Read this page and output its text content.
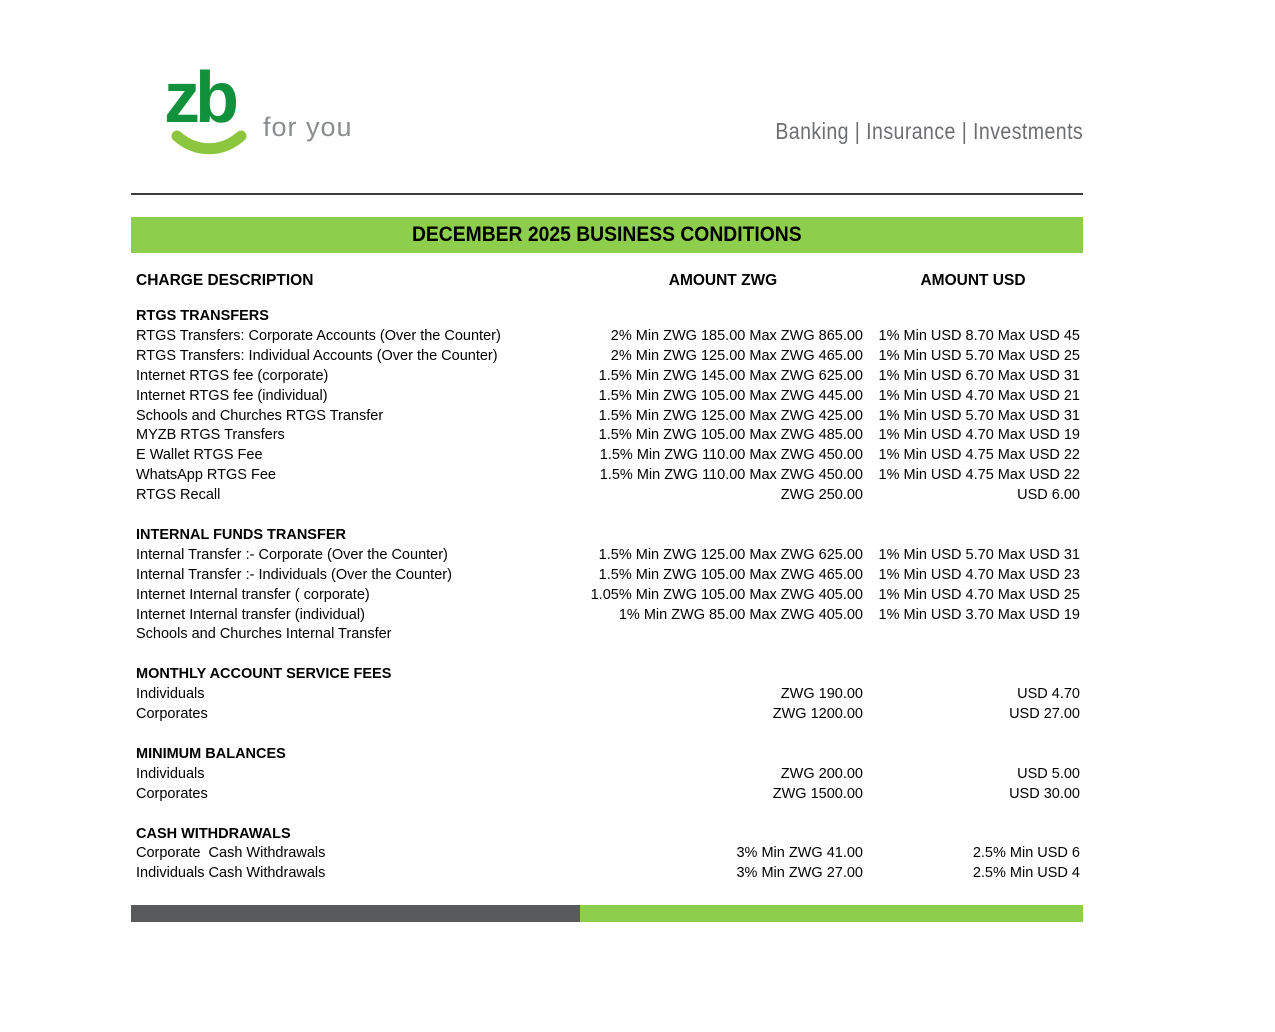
zb	for you	Banking | Insurance | Investments
DECEMBER 2025 BUSINESS CONDITIONS
CHARGE DESCRIPTION	AMOUNT ZWG	AMOUNT USD
RTGS TRANSFERS
RTGS Transfers: Corporate Accounts (Over the Counter)	2% Min ZWG 185.00 Max ZWG 865.00	1% Min USD 8.70 Max USD 45
RTGS Transfers: Individual Accounts (Over the Counter)	2% Min ZWG 125.00 Max ZWG 465.00	1% Min USD 5.70 Max USD 25
Internet RTGS fee (corporate)	1.5% Min ZWG 145.00 Max ZWG 625.00	1% Min USD 6.70 Max USD 31
Internet RTGS fee (individual)	1.5% Min ZWG 105.00 Max ZWG 445.00	1% Min USD 4.70 Max USD 21
Schools and Churches RTGS Transfer	1.5% Min ZWG 125.00 Max ZWG 425.00	1% Min USD 5.70 Max USD 31
MYZB RTGS Transfers	1.5% Min ZWG 105.00 Max ZWG 485.00	1% Min USD 4.70 Max USD 19
E Wallet RTGS Fee	1.5% Min ZWG 110.00 Max ZWG 450.00	1% Min USD 4.75 Max USD 22
WhatsApp RTGS Fee	1.5% Min ZWG 110.00 Max ZWG 450.00	1% Min USD 4.75 Max USD 22
RTGS Recall	ZWG 250.00	USD 6.00
INTERNAL FUNDS TRANSFER
Internal Transfer :- Corporate (Over the Counter)	1.5% Min ZWG 125.00 Max ZWG 625.00	1% Min USD 5.70 Max USD 31
Internal Transfer :- Individuals (Over the Counter)	1.5% Min ZWG 105.00 Max ZWG 465.00	1% Min USD 4.70 Max USD 23
Internet Internal transfer ( corporate)	1.05% Min ZWG 105.00 Max ZWG 405.00	1% Min USD 4.70 Max USD 25
Internet Internal transfer (individual)	1% Min ZWG 85.00 Max ZWG 405.00	1% Min USD 3.70 Max USD 19
Schools and Churches Internal Transfer
MONTHLY ACCOUNT SERVICE FEES
Individuals	ZWG 190.00	USD 4.70
Corporates	ZWG 1200.00	USD 27.00
MINIMUM BALANCES
Individuals	ZWG 200.00	USD 5.00
Corporates	ZWG 1500.00	USD 30.00
CASH WITHDRAWALS
Corporate  Cash Withdrawals	3% Min ZWG 41.00	2.5% Min USD 6
Individuals Cash Withdrawals	3% Min ZWG 27.00	2.5% Min USD 4
